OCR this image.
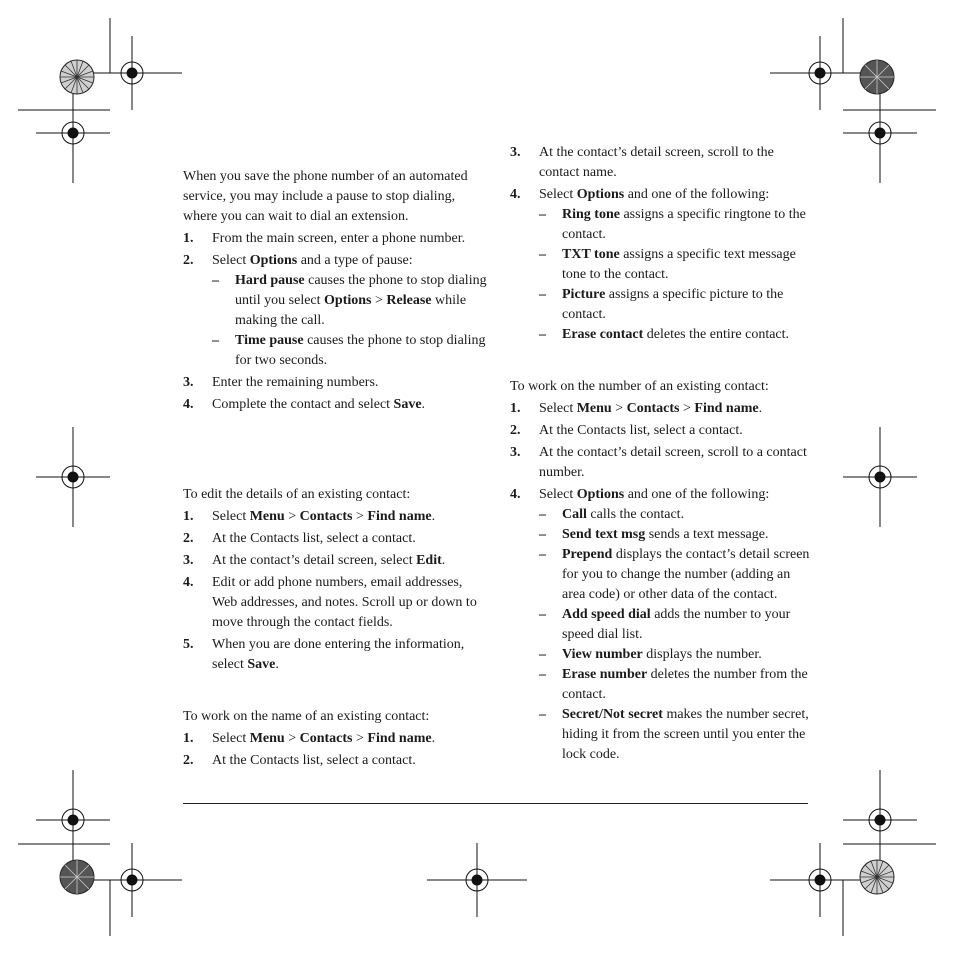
When you save the phone number of an automated service, you may include a pause to stop dialing, where you can wait to dial an extension.

1. From the main screen, enter a phone number.
2. Select Options and a type of pause:
– Hard pause causes the phone to stop dialing until you select Options > Release while making the call.
– Time pause causes the phone to stop dialing for two seconds.
3. Enter the remaining numbers.
4. Complete the contact and select Save.

To edit the details of an existing contact:

1. Select Menu > Contacts > Find name.
2. At the Contacts list, select a contact.
3. At the contact’s detail screen, select Edit.
4. Edit or add phone numbers, email addresses, Web addresses, and notes. Scroll up or down to move through the contact fields.
5. When you are done entering the information, select Save.

To work on the name of an existing contact:

1. Select Menu > Contacts > Find name.
2. At the Contacts list, select a contact.
3. At the contact’s detail screen, scroll to the contact name.
4. Select Options and one of the following:
– Ring tone assigns a specific ringtone to the contact.
– TXT tone assigns a specific text message tone to the contact.
– Picture assigns a specific picture to the contact.
– Erase contact deletes the entire contact.

To work on the number of an existing contact:

1. Select Menu > Contacts > Find name.
2. At the Contacts list, select a contact.
3. At the contact’s detail screen, scroll to a contact number.
4. Select Options and one of the following:
– Call calls the contact.
– Send text msg sends a text message.
– Prepend displays the contact’s detail screen for you to change the number (adding an area code) or other data of the contact.
– Add speed dial adds the number to your speed dial list.
– View number displays the number.
– Erase number deletes the number from the contact.
– Secret/Not secret makes the number secret, hiding it from the screen until you enter the lock code.
